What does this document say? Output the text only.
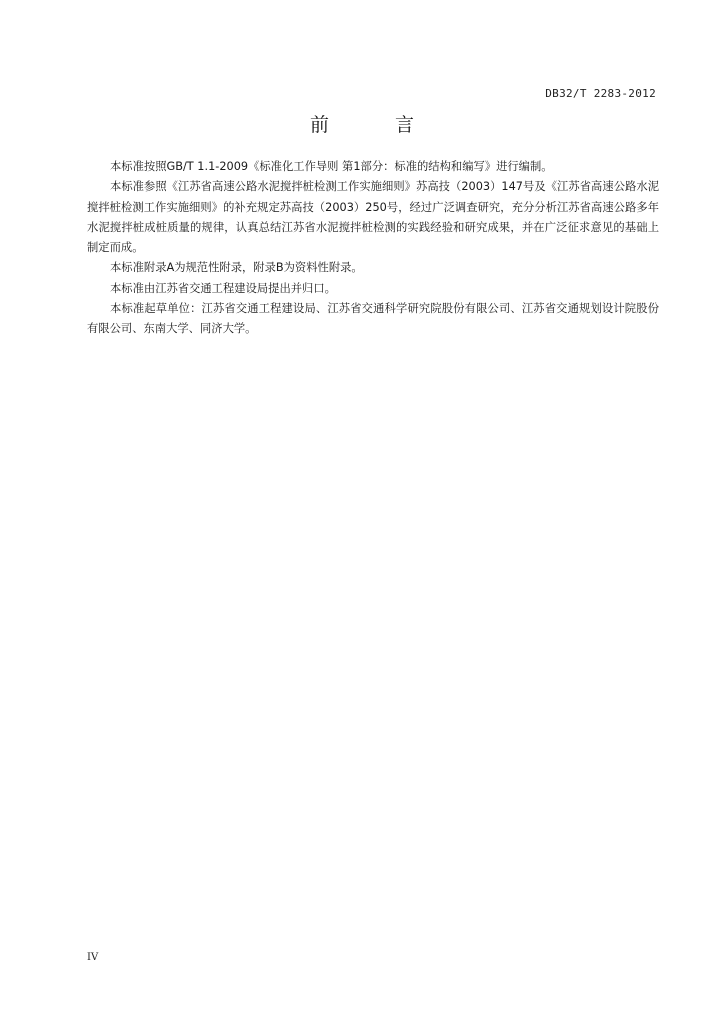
DB32/T 2283-2012
前 言

本标准按照GB/T 1.1-2009《标准化工作导则 第1部分：标准的结构和编写》进行编制。

本标准参照《江苏省高速公路水泥搅拌桩检测工作实施细则》苏高技（2003）147号及《江苏省高速公路水泥搅拌桩检测工作实施细则》的补充规定苏高技（2003）250号，经过广泛调查研究，充分分析江苏省高速公路多年水泥搅拌桩成桩质量的规律，认真总结江苏省水泥搅拌桩检测的实践经验和研究成果，并在广泛征求意见的基础上制定而成。

本标准附录A为规范性附录，附录B为资料性附录。

本标准由江苏省交通工程建设局提出并归口。

本标准起草单位：江苏省交通工程建设局、江苏省交通科学研究院股份有限公司、江苏省交通规划设计院股份有限公司、东南大学、同济大学。

IV
